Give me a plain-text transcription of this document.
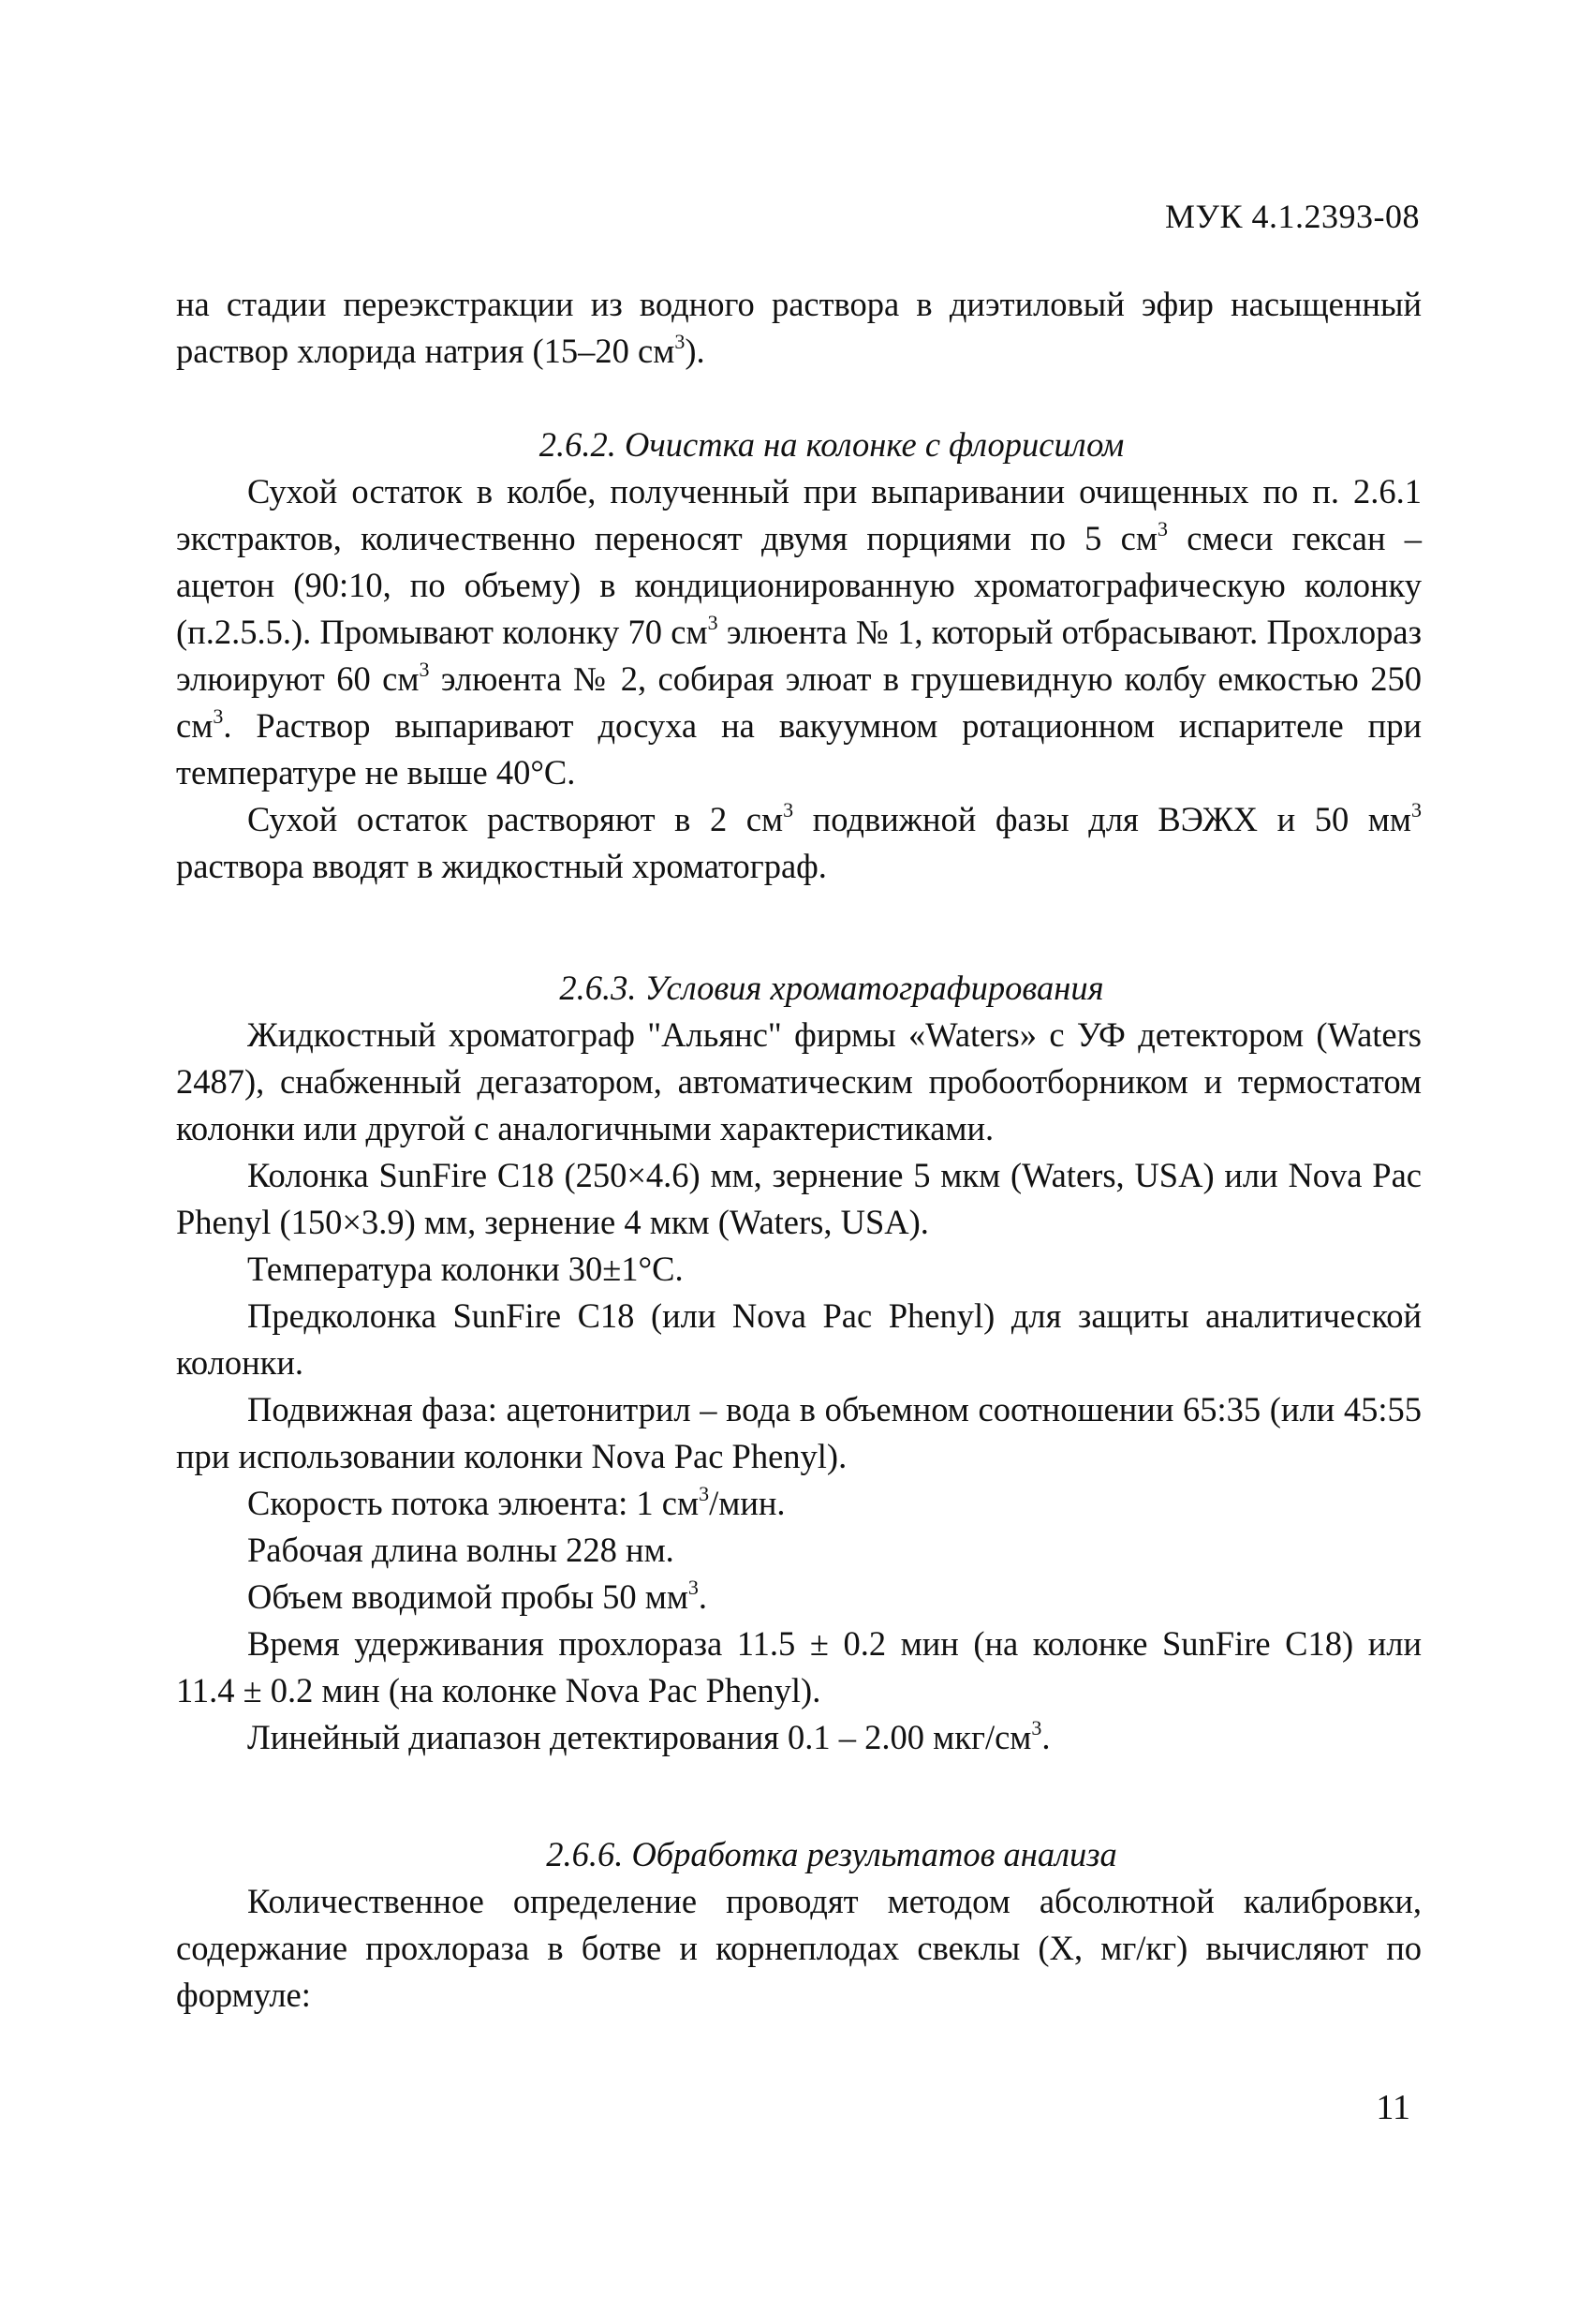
МУК 4.1.2393-08

на стадии переэкстракции из водного раствора в диэтиловый эфир насыщенный раствор хлорида натрия (15–20 $см^3$).

2.6.2. Очистка на колонке с флорисилом

Сухой остаток в колбе, полученный при выпаривании очищенных по п. 2.6.1 экстрактов, количественно переносят двумя порциями по 5 $см^3$ смеси гексан – ацетон (90:10, по объему) в кондиционированную хроматографическую колонку (п.2.5.5.). Промывают колонку 70 $см^3$ элюента № 1, который отбрасывают. Прохлораз элюируют 60 $см^3$ элюента № 2, собирая элюат в грушевидную колбу емкостью 250 $см^3$. Раствор выпаривают досуха на вакуумном ротационном испарителе при температуре не выше 40°С.

Сухой остаток растворяют в 2 $см^3$ подвижной фазы для ВЭЖХ и 50 $мм^3$ раствора вводят в жидкостный хроматограф.

2.6.3. Условия хроматографирования

Жидкостный хроматограф "Альянс" фирмы «Waters» с УФ детектором (Waters 2487), снабженный дегазатором, автоматическим пробоотборником и термостатом колонки или другой с аналогичными характеристиками.

Колонка SunFire C18 (250×4.6) мм, зернение 5 мкм (Waters, USA) или Nova Pac Phenyl (150×3.9) мм, зернение 4 мкм (Waters, USA).

Температура колонки 30±1°С.

Предколонка SunFire C18 (или Nova Pac Phenyl) для защиты аналитической колонки.

Подвижная фаза: ацетонитрил – вода в объемном соотношении 65:35 (или 45:55 при использовании колонки Nova Pac Phenyl).

Скорость потока элюента: 1 $см^3$/мин.

Рабочая длина волны 228 нм.

Объем вводимой пробы 50 $мм^3$.

Время удерживания прохлораза 11.5 ± 0.2 мин (на колонке SunFire C18) или 11.4 ± 0.2 мин (на колонке Nova Pac Phenyl).

Линейный диапазон детектирования 0.1 – 2.00 мкг/$см^3$.

2.6.6. Обработка результатов анализа

Количественное определение проводят методом абсолютной калибровки, содержание прохлораза в ботве и корнеплодах свеклы (X, мг/кг) вычисляют по формуле:

11
